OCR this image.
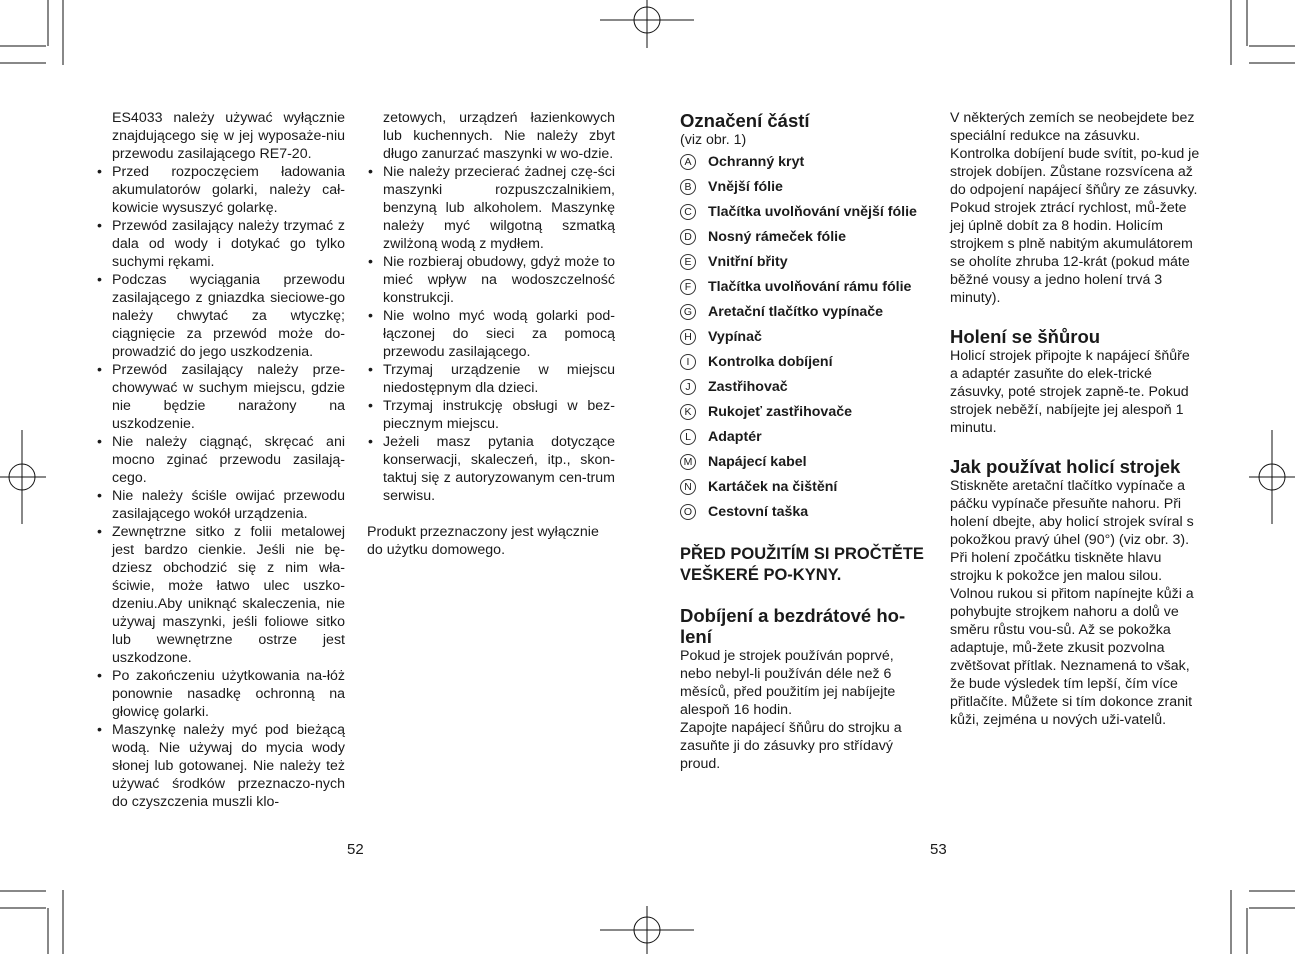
ES4033 należy używać wyłącznie znajdującego się w jej wyposaże-niu przewodu zasilającego RE7-20.
• Przed rozpoczęciem ładowania akumulatorów golarki, należy cał-kowicie wysuszyć golarkę.
• Przewód zasilający należy trzymać z dala od wody i dotykać go tylko suchymi rękami.
• Podczas wyciągania przewodu zasilającego z gniazdka sieciowe-go należy chwytać za wtyczkę; ciągnięcie za przewód może do-prowadzić do jego uszkodzenia.
• Przewód zasilający należy prze-chowywać w suchym miejscu, gdzie nie będzie narażony na uszkodzenie.
• Nie należy ciągnąć, skręcać ani mocno zginać przewodu zasilają-cego.
• Nie należy ściśle owijać przewodu zasilającego wokół urządzenia.
• Zewnętrzne sitko z folii metalowej jest bardzo cienkie. Jeśli nie bę-dziesz obchodzić się z nim wła-ściwie, może łatwo ulec uszko-dzeniu.Aby uniknąć skaleczenia, nie używaj maszynki, jeśli foliowe sitko lub wewnętrzne ostrze jest uszkodzone.
• Po zakończeniu użytkowania na-łóż ponownie nasadkę ochronną na głowicę golarki.
• Maszynkę należy myć pod bieżącą wodą. Nie używaj do mycia wody słonej lub gotowanej. Nie należy też używać środków przeznaczo-nych do czyszczenia muszli klo-
zetowych, urządzeń łazienkowych lub kuchennych. Nie należy zbyt długo zanurzać maszynki w wo-dzie.
• Nie należy przecierać żadnej czę-ści maszynki rozpuszczalnikiem, benzyną lub alkoholem. Maszynkę należy myć wilgotną szmatką zwilżoną wodą z mydłem.
• Nie rozbieraj obudowy, gdyż może to mieć wpływ na wodoszczelność konstrukcji.
• Nie wolno myć wodą golarki pod-łączonej do sieci za pomocą przewodu zasilającego.
• Trzymaj urządzenie w miejscu niedostępnym dla dzieci.
• Trzymaj instrukcję obsługi w bez-piecznym miejscu.
• Jeżeli masz pytania dotyczące konserwacji, skaleczeń, itp., skon-taktuj się z autoryzowanym cen-trum serwisu.
Produkt przeznaczony jest wyłącznie do użytku domowego.
52
Označení částí
(viz obr. 1)
A	Ochranný kryt
B	Vnější fólie
C Tlačítka uvolňování vnější fólie
D Nosný rámeček fólie
E	Vnitřní břity
F	Tlačítka uvolňování rámu fólie
G Aretační tlačítko vypínače
H Vypínač
I	Kontrolka dobíjení
J	Zastřihovač
K	Rukojeť zastřihovače
L	Adaptér
M Napájecí kabel
N Kartáček na čištění
O Cestovní taška
PŘED POUŽITÍM SI PROČTĚTE VEŠKERÉ PO-KYNY.
Dobíjení a bezdrátové ho-lení
Pokud je strojek používán poprvé, nebo nebyl-li používán déle než 6 měsíců, před použitím jej nabíjejte alespoň 16 hodin.
Zapojte napájecí šňůru do strojku a zasuňte ji do zásuvky pro střídavý proud.
V některých zemích se neobejdete bez speciální redukce na zásuvku. Kontrolka dobíjení bude svítit, po-kud je strojek dobíjen. Zůstane rozsvícena až do odpojení napájecí šňůry ze zásuvky.
Pokud strojek ztrácí rychlost, mů-žete jej úplně dobít za 8 hodin. Holicím strojkem s plně nabitým akumulátorem se oholíte zhruba 12-krát (pokud máte běžné vousy a jedno holení trvá 3 minuty).
Holení se šňůrou
Holicí strojek připojte k napájecí šňůře a adaptér zasuňte do elek-trické zásuvky, poté strojek zapně-te. Pokud strojek neběží, nabíjejte jej alespoň 1 minutu.
Jak používat holicí strojek
Stiskněte aretační tlačítko vypínače a páčku vypínače přesuňte nahoru. Při holení dbejte, aby holicí strojek svíral s pokožkou pravý úhel (90°) (viz obr. 3). Při holení zpočátku tiskněte hlavu strojku k pokožce jen malou silou. Volnou rukou si přitom napínejte kůži a pohybujte strojkem nahoru a dolů ve směru růstu vou-sů. Až se pokožka adaptuje, mů-žete zkusit pozvolna zvětšovat přítlak. Neznamená to však, že bude výsledek tím lepší, čím více přitlačíte. Můžete si tím dokonce zranit kůži, zejména u nových uži-vatelů.
53
